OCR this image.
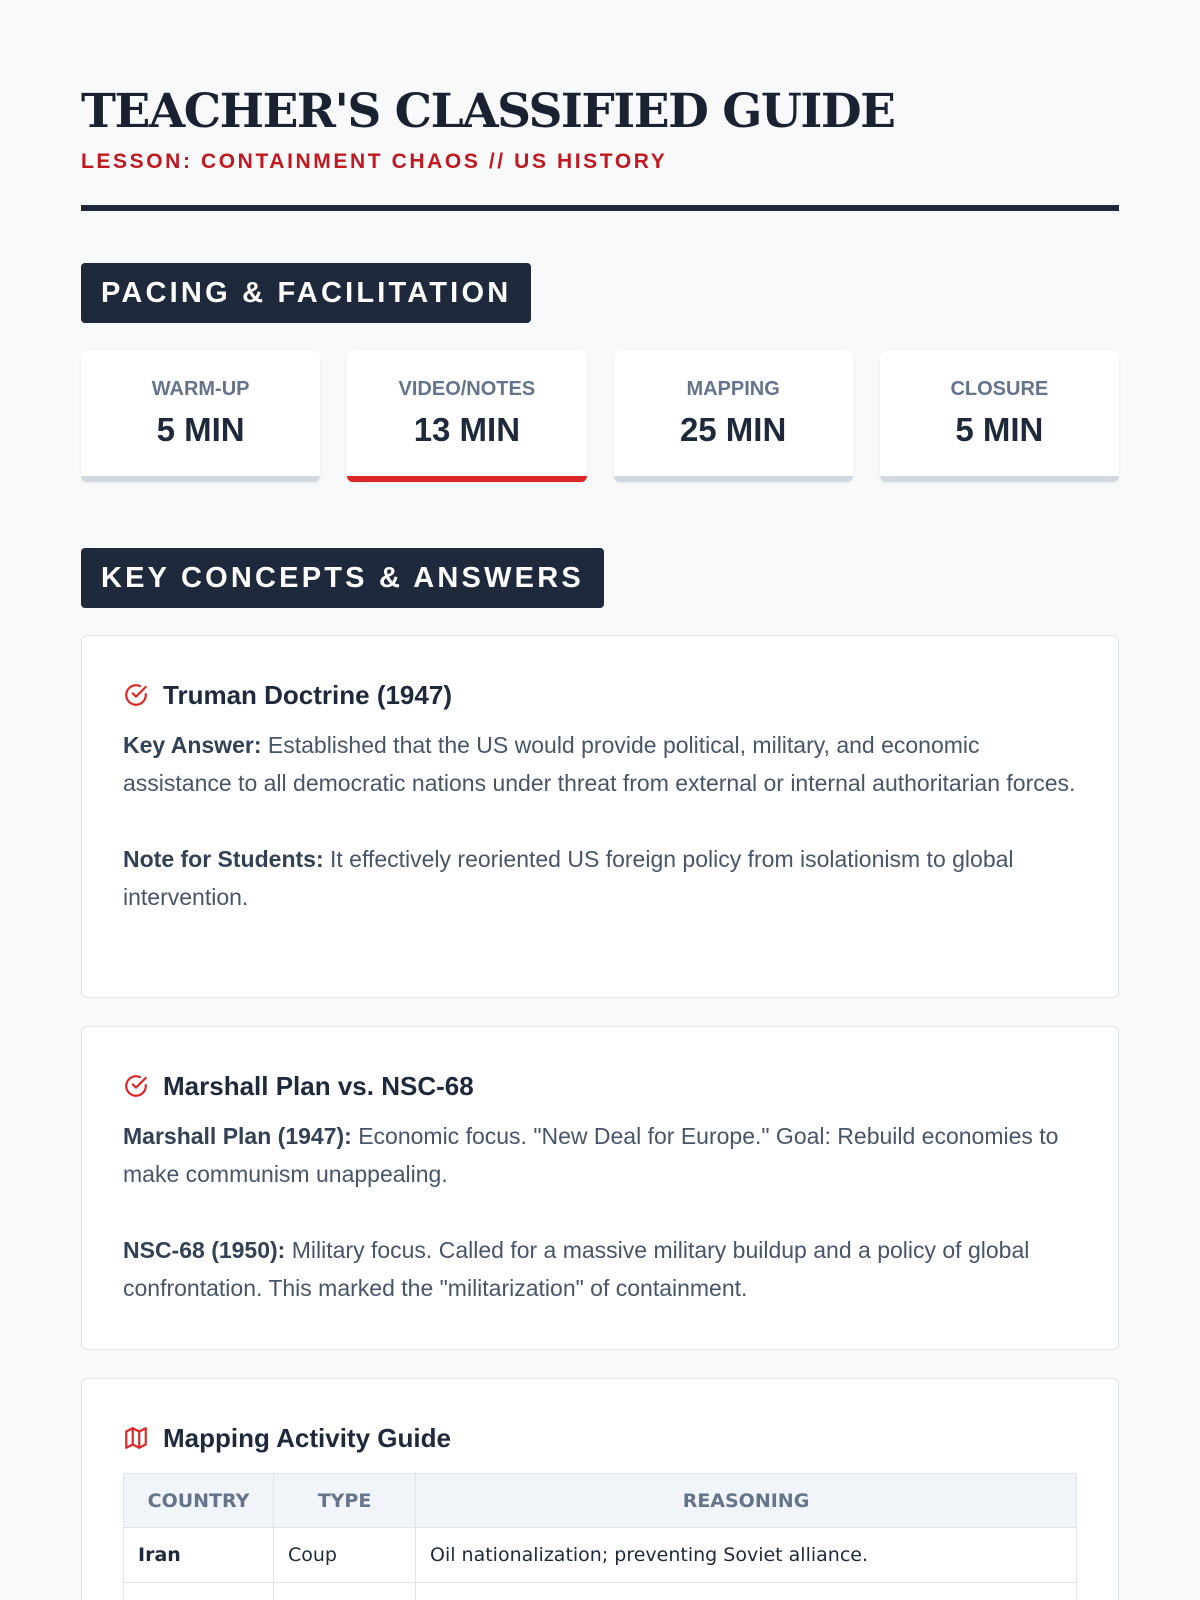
TEACHER'S CLASSIFIED GUIDE
LESSON: CONTAINMENT CHAOS // US HISTORY
PACING & FACILITATION
WARM-UP
5 MIN
VIDEO/NOTES
13 MIN
MAPPING
25 MIN
CLOSURE
5 MIN
KEY CONCEPTS & ANSWERS
Truman Doctrine (1947)

Key Answer: Established that the US would provide political, military, and economic assistance to all democratic nations under threat from external or internal authoritarian forces.

Note for Students: It effectively reoriented US foreign policy from isolationism to global intervention.

Marshall Plan vs. NSC-68

Marshall Plan (1947): Economic focus. "New Deal for Europe." Goal: Rebuild economies to make communism unappealing.

NSC-68 (1950): Military focus. Called for a massive military buildup and a policy of global confrontation. This marked the "militarization" of containment.

Mapping Activity Guide
COUNTRY	TYPE	REASONING
Iran	Coup	Oil nationalization; preventing Soviet alliance.
